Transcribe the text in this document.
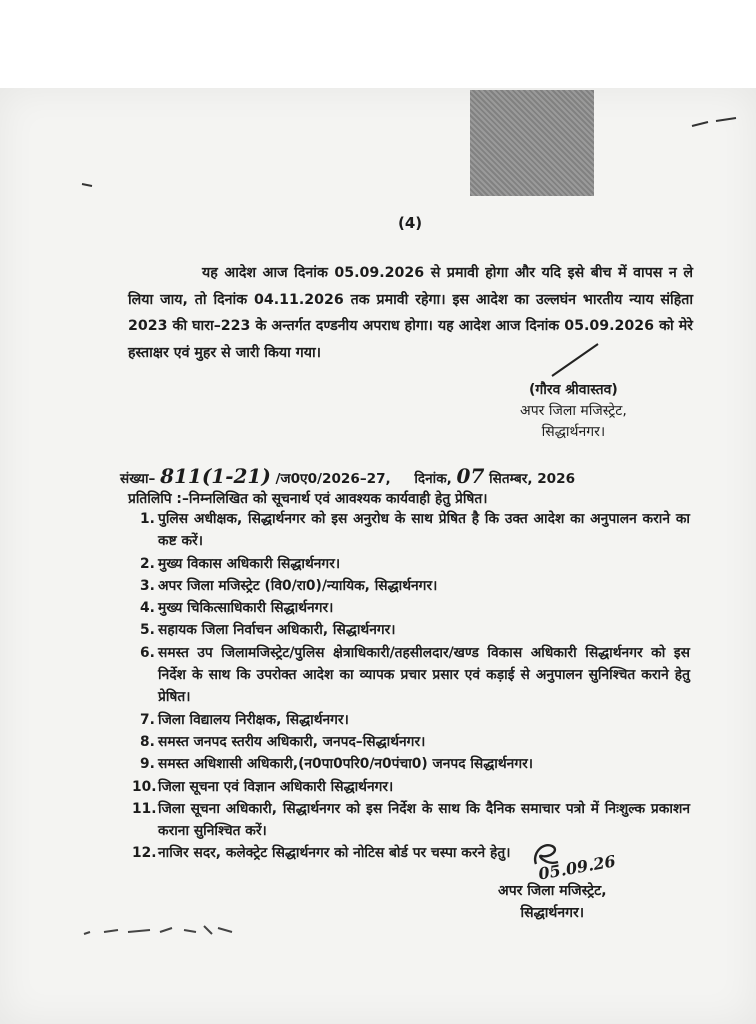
(4)
यह आदेश आज दिनांक 05.09.2026 से प्रमावी होगा और यदि इसे बीच में वापस न ले लिया जाय, तो दिनांक 04.11.2026 तक प्रमावी रहेगा। इस आदेश का उल्लघंन भारतीय न्याय संहिता 2023 की घारा–223 के अन्तर्गत दण्डनीय अपराध होगा। यह आदेश आज दिनांक 05.09.2026 को मेरे हस्ताक्षर एवं मुहर से जारी किया गया।
(गौरव श्रीवास्तव)
अपर जिला मजिस्ट्रेट,
सिद्धार्थनगर।
संख्या– 811(1-21) /ज0ए0/2026–27, दिनांक, 07 सितम्बर, 2026
प्रतिलिपि :–निम्नलिखित को सूचनार्थ एवं आवश्यक कार्यवाही हेतु प्रेषित।
1. पुलिस अधीक्षक, सिद्धार्थनगर को इस अनुरोध के साथ प्रेषित है कि उक्त आदेश का अनुपालन कराने का कष्ट करें।
2. मुख्य विकास अधिकारी सिद्धार्थनगर।
3. अपर जिला मजिस्ट्रेट (वि0/रा0)/न्यायिक, सिद्धार्थनगर।
4. मुख्य चिकित्साधिकारी सिद्धार्थनगर।
5. सहायक जिला निर्वाचन अधिकारी, सिद्धार्थनगर।
6. समस्त उप जिलामजिस्ट्रेट/पुलिस क्षेत्राधिकारी/तहसीलदार/खण्ड विकास अधिकारी सिद्धार्थनगर को इस निर्देश के साथ कि उपरोक्त आदेश का व्यापक प्रचार प्रसार एवं कड़ाई से अनुपालन सुनिश्चित कराने हेतु प्रेषित।
7. जिला विद्यालय निरीक्षक, सिद्धार्थनगर।
8. समस्त जनपद स्तरीय अधिकारी, जनपद–सिद्धार्थनगर।
9. समस्त अधिशासी अधिकारी,(न0पा0परि0/न0पंचा0) जनपद सिद्धार्थनगर।
10. जिला सूचना एवं विज्ञान अधिकारी सिद्धार्थनगर।
11. जिला सूचना अधिकारी, सिद्धार्थनगर को इस निर्देश के साथ कि दैनिक समाचार पत्रो में निःशुल्क प्रकाशन कराना सुनिश्चित करें।
12. नाजिर सदर, कलेक्ट्रेट सिद्धार्थनगर को नोटिस बोर्ड पर चस्पा करने हेतु।	05.09.26
अपर जिला मजिस्ट्रेट,
सिद्धार्थनगर।
